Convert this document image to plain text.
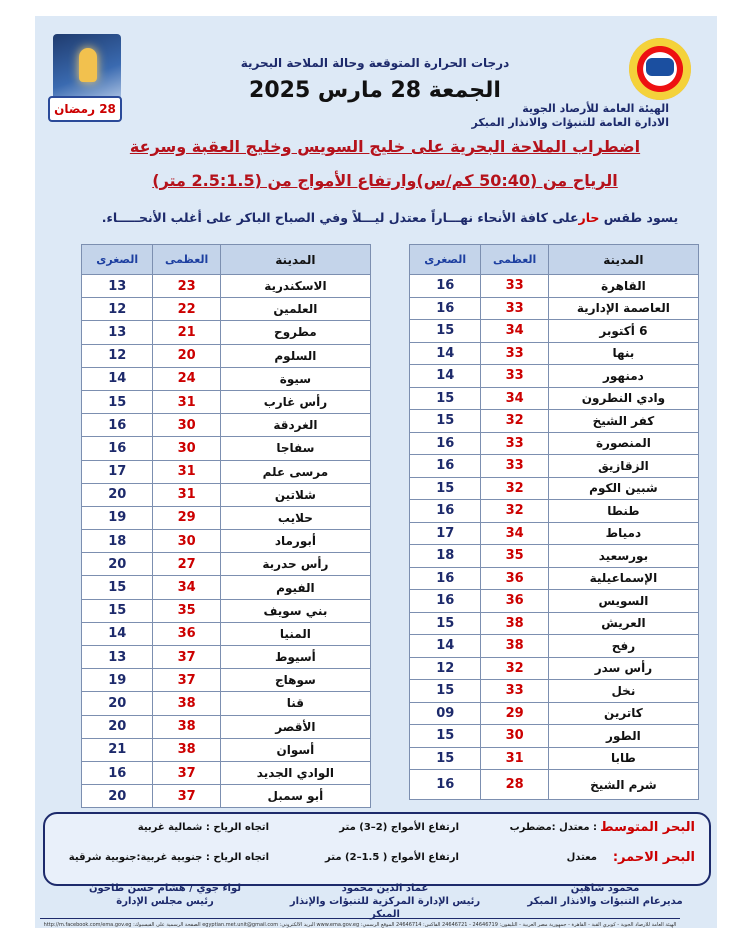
الهيئة العامة للأرصاد الجوية
الادارة العامة للتنبؤات والانذار المبكر
28 رمضان
درجات الحرارة المتوقعة وحالة الملاحة البحرية
الجمعة 28 مارس 2025
اضطراب الملاحة البحرية على خليج السويس وخليج العقبة وسرعة
الرياح من (50:40 كم/س)وارتفاع الأمواج من (2.5:1.5 متر)
يسود طقس حارعلى كافة الأنحاء نهـــاراً معتدل ليـــلاً وفي الصباح الباكر على أغلب الأنحـــــاء.
المدينة	العظمى	الصغرى
القاهرة	33	16
العاصمة الإدارية	33	16
6 أكتوبر	34	15
بنها	33	14
دمنهور	33	14
وادي النطرون	34	15
كفر الشيخ	32	15
المنصورة	33	16
الزقازيق	33	16
شبين الكوم	32	15
طنطا	32	16
دمياط	34	17
بورسعيد	35	18
الإسماعيلية	36	16
السويس	36	16
العريش	38	15
رفح	38	14
رأس سدر	32	12
نخل	33	15
كاترين	29	09
الطور	30	15
طابا	31	15
شرم الشيخ	28	16
المدينة	العظمى	الصغرى
الاسكندرية	23	13
العلمين	22	12
مطروح	21	13
السلوم	20	12
سيوة	24	14
رأس غارب	31	15
الغردقة	30	16
سفاجا	30	16
مرسى علم	31	17
شلاتين	31	20
حلايب	29	19
أبورماد	30	18
رأس حدربة	27	20
الفيوم	34	15
بني سويف	35	15
المنيا	36	14
أسيوط	37	13
سوهاج	37	19
قنا	38	20
الأقصر	38	20
أسوان	38	21
الوادي الجديد	37	16
أبو سمبل	37	20
البحر المتوسط
: معتدل :مضطرب
ارتفاع الأمواج (2–3) متر
اتجاه الرياح : شمالية غربية
البحر الاحمر:
معتدل
ارتفاع الأمواج ( 1.5–2) متر
اتجاه الرياح : جنوبية غربية:جنوبية شرقية
محمود شاهين
مديرعام التنبؤات والانذار المبكر
عماد الدين محمود
رئيس الإدارة المركزية للتنبؤات والإنذار المبكر
لواء جوي / هشام حسن طاحون
رئيس مجلس الإدارة
الهيئة العامة للأرصاد الجوية - كوبري القبة - القاهرة - جمهورية مصر العربية - التليفون: 24646719 - 24646721 الفاكس: 24646714 الموقع الرسمي: www.ema.gov.eg البريد الالكتروني: egyptian.met.unit@gmail.com الصفحة الرسمية على الفيسبوك: http://m.facebook.com/ema.gov.eg
